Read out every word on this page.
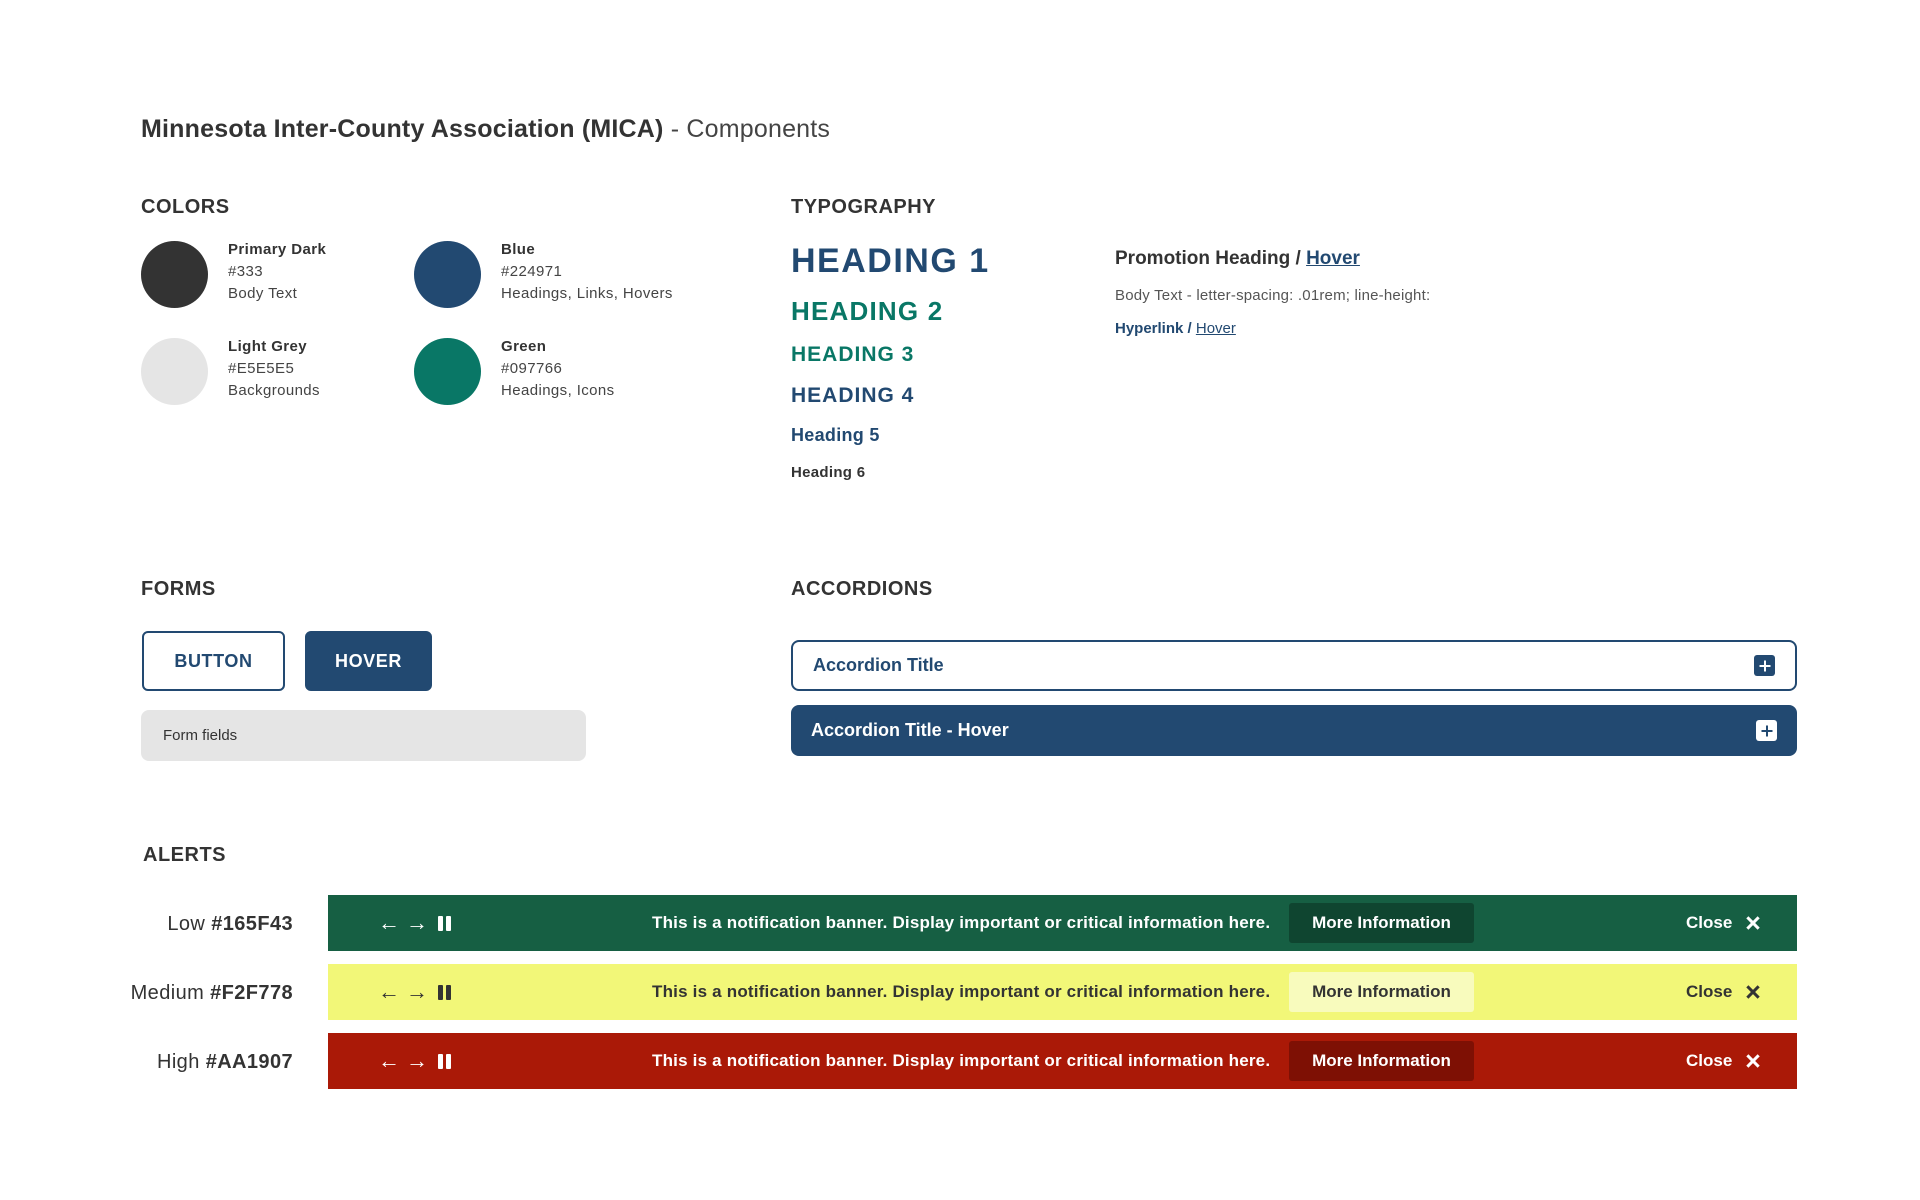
Minnesota Inter-County Association (MICA) - Components
COLORS
Primary Dark
#333
Body Text
Blue
#224971
Headings, Links, Hovers
Light Grey
#E5E5E5
Backgrounds
Green
#097766
Headings, Icons
TYPOGRAPHY
HEADING 1
HEADING 2
HEADING 3
HEADING 4
Heading 5
Heading 6
Promotion Heading / Hover
Body Text - letter-spacing: .01rem; line-height:
Hyperlink / Hover
FORMS
BUTTON	HOVER
Form fields
ACCORDIONS
Accordion Title
Accordion Title - Hover
ALERTS
Low #165F43	← →	This is a notification banner. Display important or critical information here.	More Information	Close
Medium #F2F778	← →	This is a notification banner. Display important or critical information here.	More Information	Close
High #AA1907	← →	This is a notification banner. Display important or critical information here.	More Information	Close
